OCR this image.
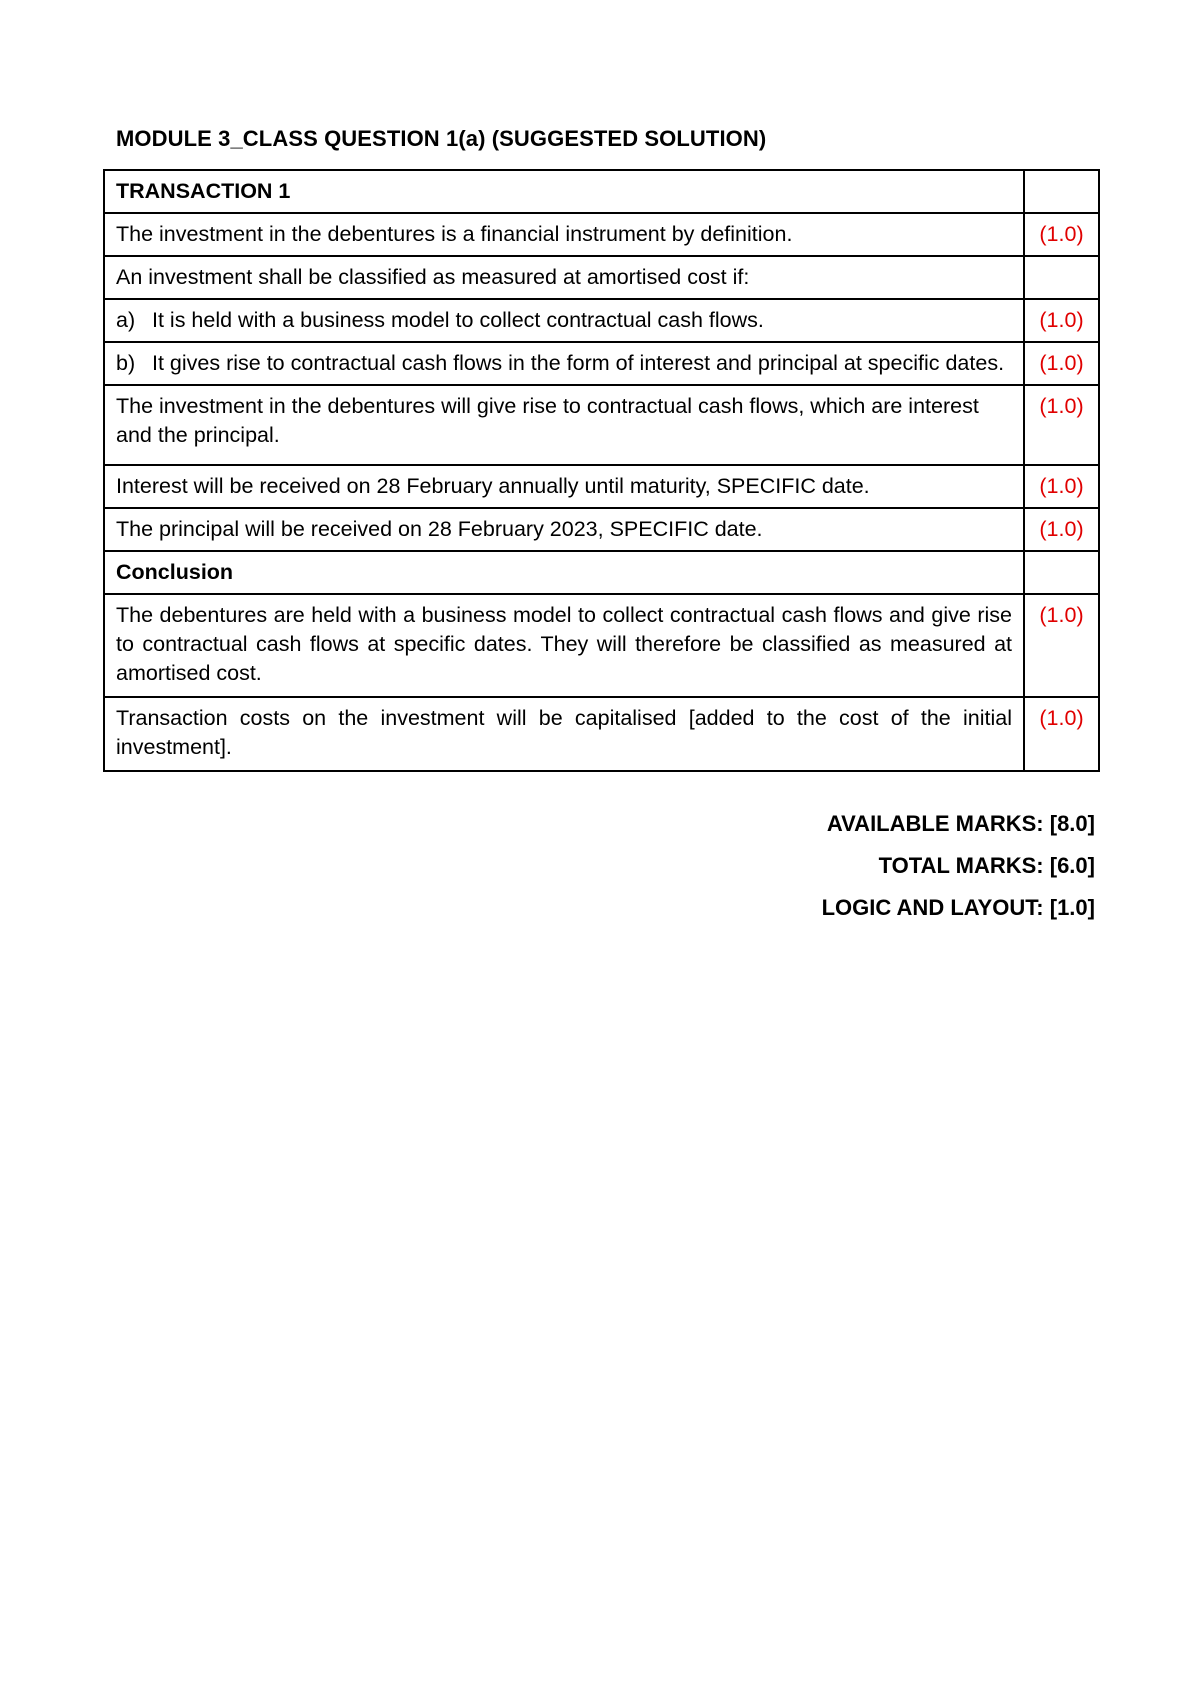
MODULE 3_CLASS QUESTION 1(a) (SUGGESTED SOLUTION)
TRANSACTION 1	
The investment in the debentures is a financial instrument by definition.	(1.0)
An investment shall be classified as measured at amortised cost if:	

a) It is held with a business model to collect contractual cash flows.	(1.0)

b) It gives rise to contractual cash flows in the form of interest and principal at specific dates.	(1.0)
The investment in the debentures will give rise to contractual cash flows, which are interest and the principal.	(1.0)
Interest will be received on 28 February annually until maturity, SPECIFIC date.	(1.0)
The principal will be received on 28 February 2023, SPECIFIC date.	(1.0)
Conclusion	
The debentures are held with a business model to collect contractual cash flows and give rise to contractual cash flows at specific dates. They will therefore be classified as measured at amortised cost.	(1.0)
Transaction costs on the investment will be capitalised [added to the cost of the initial investment].	(1.0)
AVAILABLE MARKS: [8.0]
TOTAL MARKS: [6.0]
LOGIC AND LAYOUT: [1.0]
